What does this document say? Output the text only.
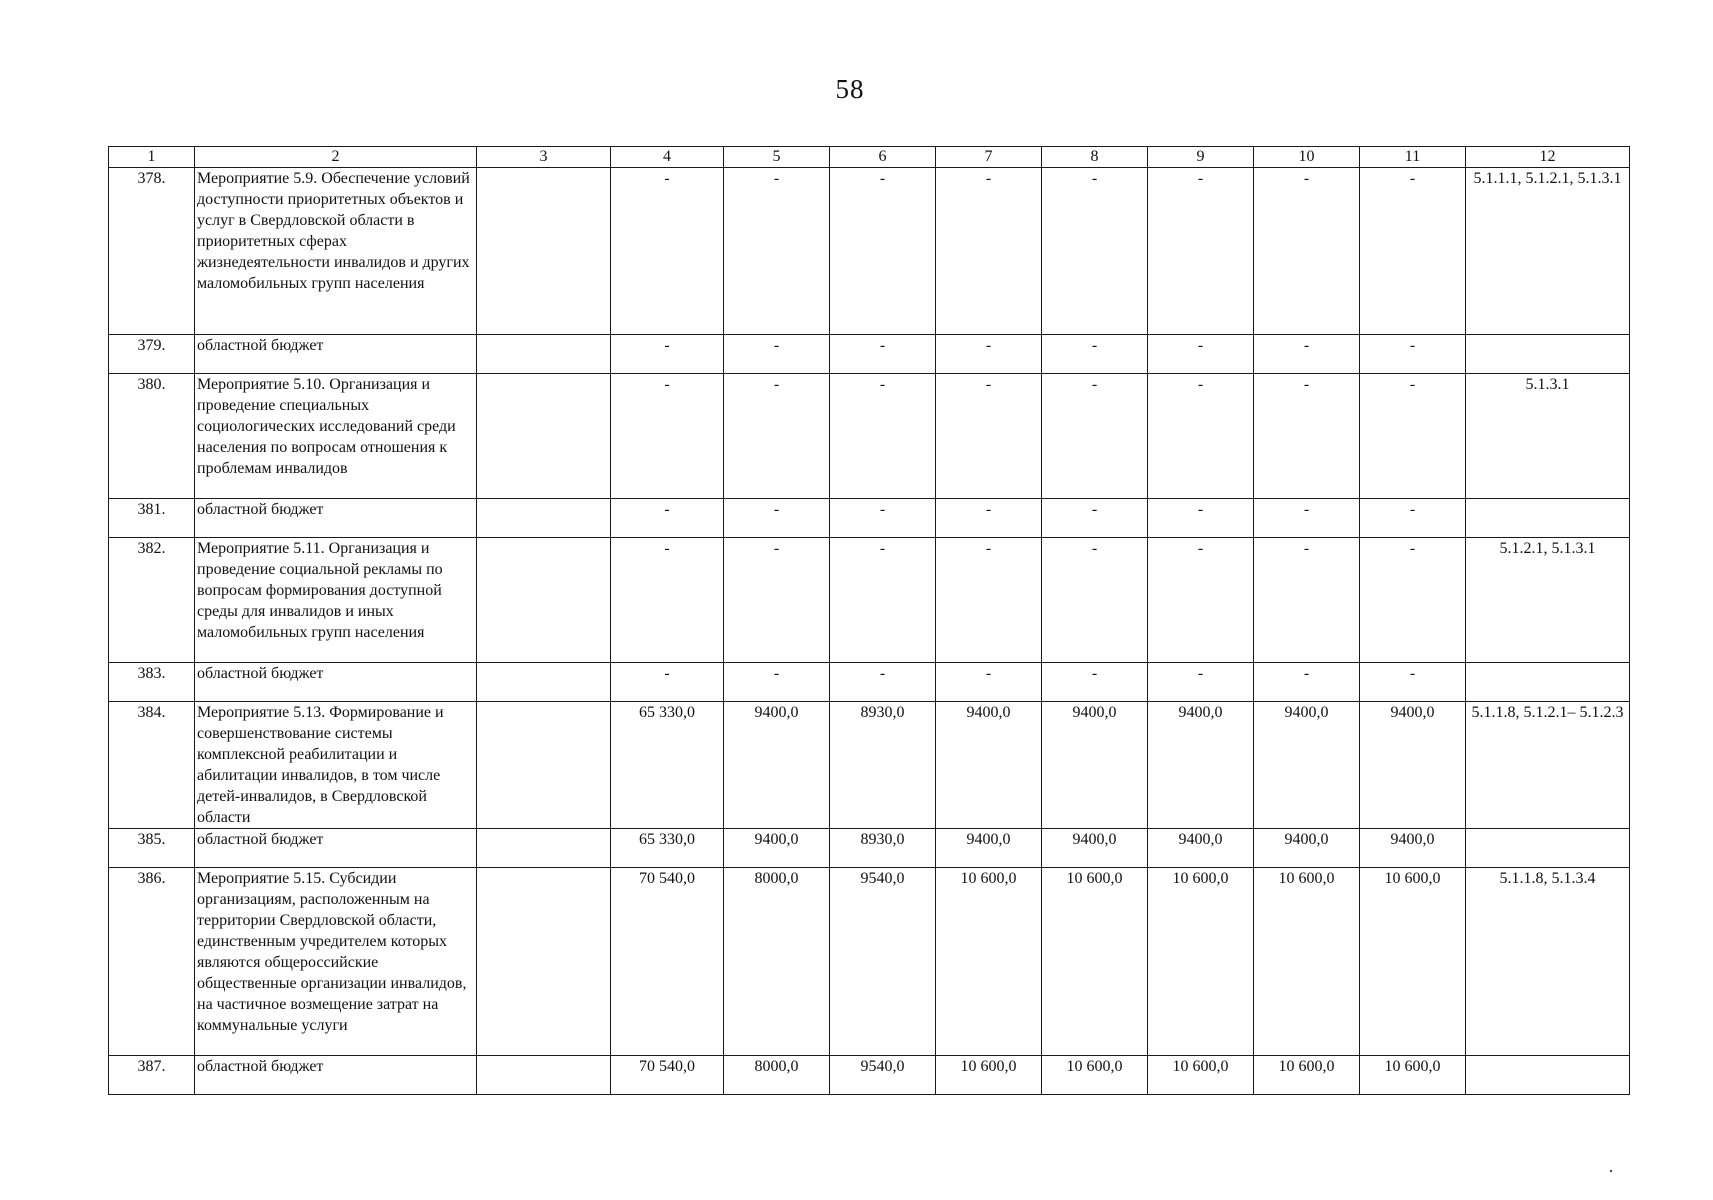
58
1	2	3	4	5	6	7	8	9	10	11	12
378.	Мероприятие 5.9. Обеспечение условий доступности приоритетных объектов и услуг в Свердловской области в приоритетных сферах жизнедеятельности инвалидов и других маломобильных групп населения		-	-	-	-	-	-	-	-	5.1.1.1, 5.1.2.1, 5.1.3.1
379.	областной бюджет		-	-	-	-	-	-	-	-	
380.	Мероприятие 5.10. Организация и проведение специальных социологических исследований среди населения по вопросам отношения к проблемам инвалидов		-	-	-	-	-	-	-	-	5.1.3.1
381.	областной бюджет		-	-	-	-	-	-	-	-	
382.	Мероприятие 5.11. Организация и проведение социальной рекламы по вопросам формирования доступной среды для инвалидов и иных маломобильных групп населения		-	-	-	-	-	-	-	-	5.1.2.1, 5.1.3.1
383.	областной бюджет		-	-	-	-	-	-	-	-	
384.	Мероприятие 5.13. Формирование и совершенствование системы комплексной реабилитации и абилитации инвалидов, в том числе детей-инвалидов, в Свердловской области		65 330,0	9400,0	8930,0	9400,0	9400,0	9400,0	9400,0	9400,0	5.1.1.8, 5.1.2.1– 5.1.2.3
385.	областной бюджет		65 330,0	9400,0	8930,0	9400,0	9400,0	9400,0	9400,0	9400,0	
386.	Мероприятие 5.15. Субсидии организациям, расположенным на территории Свердловской области, единственным учредителем которых являются общероссийские общественные организации инвалидов, на частичное возмещение затрат на коммунальные услуги		70 540,0	8000,0	9540,0	10 600,0	10 600,0	10 600,0	10 600,0	10 600,0	5.1.1.8, 5.1.3.4
387.	областной бюджет		70 540,0	8000,0	9540,0	10 600,0	10 600,0	10 600,0	10 600,0	10 600,0	
